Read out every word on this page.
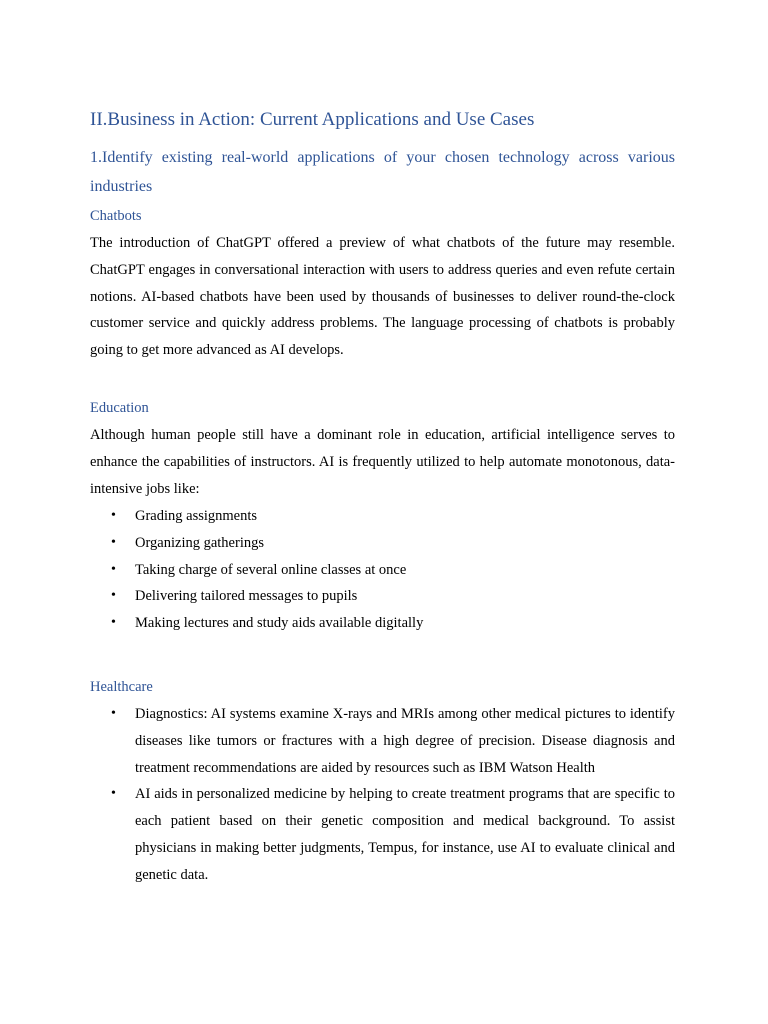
II.Business in Action: Current Applications and Use Cases
1.Identify existing real-world applications of your chosen technology across various industries
Chatbots
The introduction of ChatGPT offered a preview of what chatbots of the future may resemble. ChatGPT engages in conversational interaction with users to address queries and even refute certain notions. AI-based chatbots have been used by thousands of businesses to deliver round-the-clock customer service and quickly address problems. The language processing of chatbots is probably going to get more advanced as AI develops.
Education
Although human people still have a dominant role in education, artificial intelligence serves to enhance the capabilities of instructors. AI is frequently utilized to help automate monotonous, data-intensive jobs like:
• Grading assignments
• Organizing gatherings
• Taking charge of several online classes at once
• Delivering tailored messages to pupils
• Making lectures and study aids available digitally
Healthcare
• Diagnostics: AI systems examine X-rays and MRIs among other medical pictures to identify diseases like tumors or fractures with a high degree of precision. Disease diagnosis and treatment recommendations are aided by resources such as IBM Watson Health
• AI aids in personalized medicine by helping to create treatment programs that are specific to each patient based on their genetic composition and medical background. To assist physicians in making better judgments, Tempus, for instance, use AI to evaluate clinical and genetic data.
